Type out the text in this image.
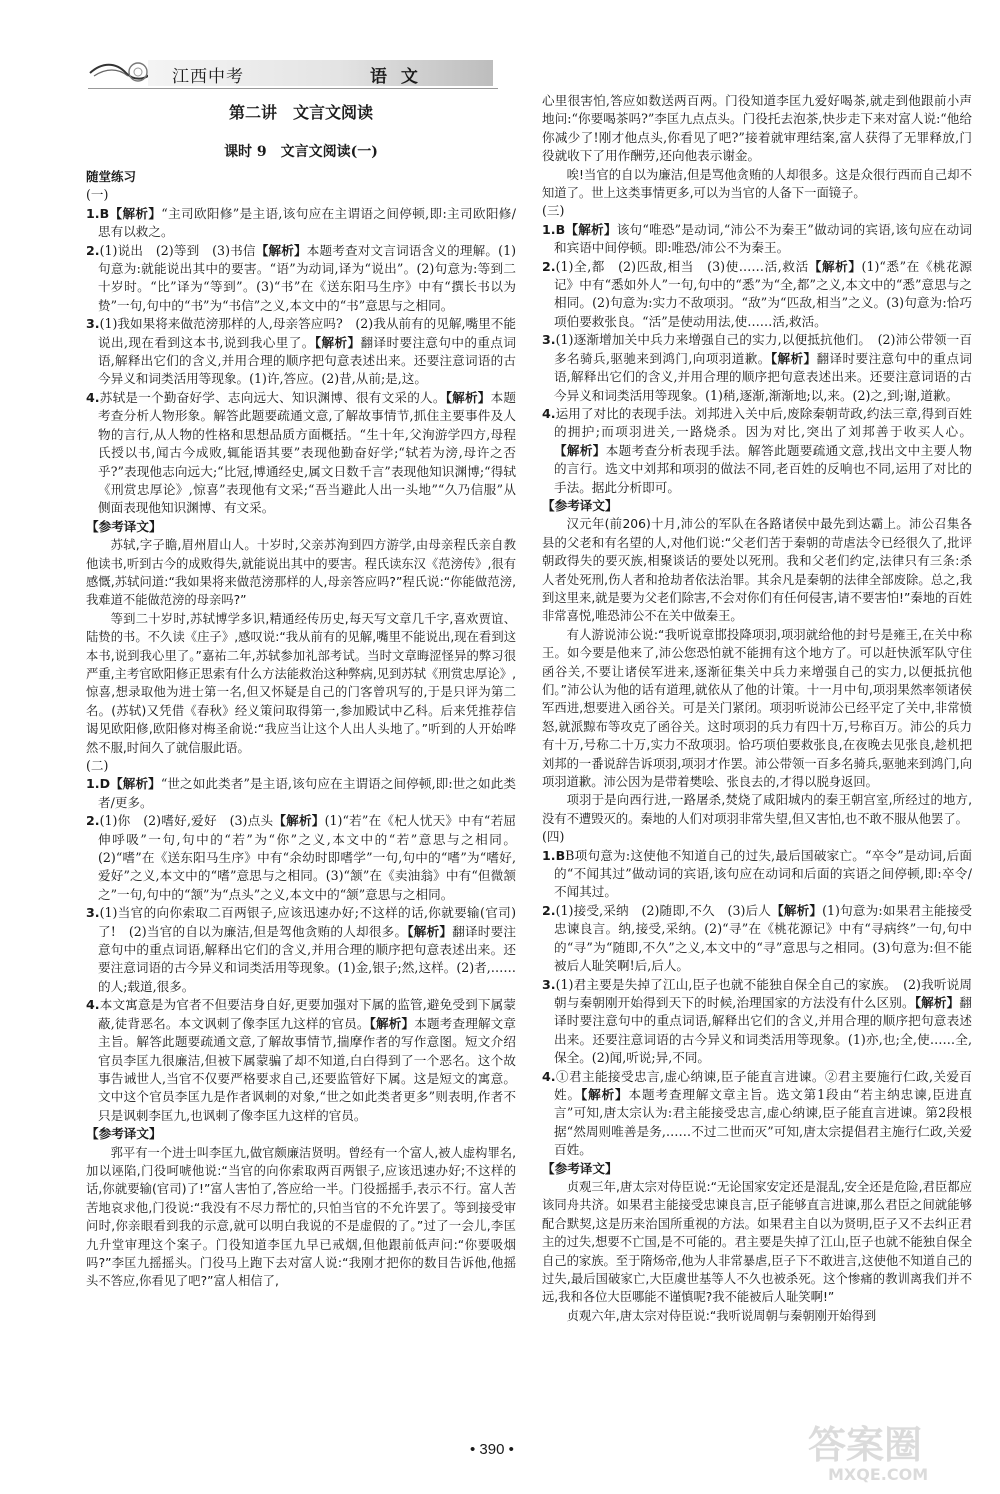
江西中考	语 文
第二讲　文言文阅读
课时 9　文言文阅读(一)

随堂练习

(一)

1.B【解析】“主司欧阳修”是主语,该句应在主谓语之间停顿,即:主司欧阳修/思有以救之。

2.(1)说出　(2)等到　(3)书信【解析】本题考查对文言词语含义的理解。(1)句意为:就能说出其中的要害。“语”为动词,译为“说出”。(2)句意为:等到二十岁时。“比”译为“等到”。(3)“书”在《送东阳马生序》中有“撰长书以为贽”一句,句中的“书”为“书信”之义,本文中的“书”意思与之相同。

3.(1)我如果将来做范滂那样的人,母亲答应吗?　(2)我从前有的见解,嘴里不能说出,现在看到这本书,说到我心里了。【解析】翻译时要注意句中的重点词语,解释出它们的含义,并用合理的顺序把句意表述出来。还要注意词语的古今异义和词类活用等现象。(1)许,答应。(2)昔,从前;是,这。

4.苏轼是一个勤奋好学、志向远大、知识渊博、很有文采的人。【解析】本题考查分析人物形象。解答此题要疏通文意,了解故事情节,抓住主要事件及人物的言行,从人物的性格和思想品质方面概括。“生十年,父洵游学四方,母程氏授以书,闻古今成败,辄能语其要”表现他勤奋好学;“轼若为滂,母许之否乎?”表现他志向远大;“比冠,博通经史,属文日数千言”表现他知识渊博;“得轼《刑赏忠厚论》,惊喜”表现他有文采;“吾当避此人出一头地”“久乃信服”从侧面表现他知识渊博、有文采。

【参考译文】

苏轼,字子瞻,眉州眉山人。十岁时,父亲苏洵到四方游学,由母亲程氏亲自教他读书,听到古今的成败得失,就能说出其中的要害。程氏读东汉《范滂传》,很有感慨,苏轼问道:“我如果将来做范滂那样的人,母亲答应吗?”程氏说:“你能做范滂,我难道不能做范滂的母亲吗?”

等到二十岁时,苏轼博学多识,精通经传历史,每天写文章几千字,喜欢贾谊、陆贽的书。不久读《庄子》,感叹说:“我从前有的见解,嘴里不能说出,现在看到这本书,说到我心里了。”嘉祐二年,苏轼参加礼部考试。当时文章晦涩怪异的弊习很严重,主考官欧阳修正思索有什么方法能救治这种弊病,见到苏轼《刑赏忠厚论》,惊喜,想录取他为进士第一名,但又怀疑是自己的门客曾巩写的,于是只评为第二名。(苏轼)又凭借《春秋》经义策问取得第一,参加殿试中乙科。后来凭推荐信谒见欧阳修,欧阳修对梅圣俞说:“我应当让这个人出人头地了。”听到的人开始哗然不服,时间久了就信服此语。

(二)

1.D【解析】“世之如此类者”是主语,该句应在主谓语之间停顿,即:世之如此类者/更多。

2.(1)你　(2)嗜好,爱好　(3)点头【解析】(1)“若”在《杞人忧天》中有“若屈伸呼吸”一句,句中的“若”为“你”之义,本文中的“若”意思与之相同。(2)“嗜”在《送东阳马生序》中有“余幼时即嗜学”一句,句中的“嗜”为“嗜好,爱好”之义,本文中的“嗜”意思与之相同。(3)“颔”在《卖油翁》中有“但微颔之”一句,句中的“颔”为“点头”之义,本文中的“颔”意思与之相同。

3.(1)当官的向你索取二百两银子,应该迅速办好;不这样的话,你就要输(官司)了!　(2)当官的自以为廉洁,但是驾他贪贿的人却很多。【解析】翻译时要注意句中的重点词语,解释出它们的含义,并用合理的顺序把句意表述出来。还要注意词语的古今异义和词类活用等现象。(1)金,银子;然,这样。(2)者,……的人;载道,很多。

4.本文寓意是为官者不但要洁身自好,更要加强对下属的监管,避免受到下属蒙蔽,徒背恶名。本文讽刺了像李匡九这样的官员。【解析】本题考查理解文章主旨。解答此题要疏通文意,了解故事情节,揣摩作者的写作意图。短文介绍官员李匡九很廉洁,但被下属蒙骗了却不知道,白白得到了一个恶名。这个故事告诫世人,当官不仅要严格要求自己,还要监管好下属。这是短文的寓意。文中这个官员李匡九是作者讽刺的对象,“世之如此类者更多”则表明,作者不只是讽刺李匡九,也讽刺了像李匡九这样的官员。

【参考译文】

郛平有一个进士叫李匡九,做官颇廉洁贤明。曾经有一个富人,被人虚构罪名,加以诬陷,门役呵唬他说:“当官的向你索取两百两银子,应该迅速办好;不这样的话,你就要输(官司)了!”富人害怕了,答应给一半。门役摇摇手,表示不行。富人苦苦地哀求他,门役说:“我没有不尽力帮忙的,只怕当官的不允许罢了。等到接受审问时,你亲眼看到我的示意,就可以明白我说的不是虚假的了。”过了一会儿,李匡九升堂审理这个案子。门役知道李匡九早已戒烟,但他跟前低声问:“你要吸烟吗?”李匡九摇摇头。门役马上跑下去对富人说:“我刚才把你的数目告诉他,他摇头不答应,你看见了吧?”富人相信了,

心里很害怕,答应如数送两百两。门役知道李匡九爱好喝茶,就走到他跟前小声地问:“你要喝茶吗?”李匡九点点头。门役托去泡茶,快步走下来对富人说:“他给你减少了!刚才他点头,你看见了吧?”接着就审理结案,富人获得了无罪释放,门役就收下了用作酬劳,还向他表示谢金。

唉!当官的自以为廉洁,但是骂他贪贿的人却很多。这是众很行西而自己却不知道了。世上这类事情更多,可以为当官的人备下一面镜子。

(三)

1.B【解析】该句“唯恐”是动词,“沛公不为秦王”做动词的宾语,该句应在动词和宾语中间停顿。即:唯恐/沛公不为秦王。

2.(1)全,都　(2)匹敌,相当　(3)使……活,救活【解析】(1)“悉”在《桃花源记》中有“悉如外人”一句,句中的“悉”为“全,都”之义,本文中的“悉”意思与之相同。(2)句意为:实力不敌项羽。“敌”为“匹敌,相当”之义。(3)句意为:恰巧项伯要救张良。“活”是使动用法,使……活,救活。

3.(1)逐渐增加关中兵力来增强自己的实力,以便抵抗他们。　(2)沛公带领一百多名骑兵,驱驰来到鸿门,向项羽道歉。【解析】翻译时要注意句中的重点词语,解释出它们的含义,并用合理的顺序把句意表述出来。还要注意词语的古今异义和词类活用等现象。(1)稍,逐渐,渐渐地;以,来。(2)之,到;谢,道歉。

4.运用了对比的表现手法。刘邦进入关中后,废除秦朝苛政,约法三章,得到百姓的拥护;而项羽进关,一路烧杀。因为对比,突出了刘邦善于收买人心。【解析】本题考查分析表现手法。解答此题要疏通文意,找出文中主要人物的言行。选文中刘邦和项羽的做法不同,老百姓的反响也不同,运用了对比的手法。据此分析即可。

【参考译文】

汉元年(前206)十月,沛公的军队在各路诸侯中最先到达霸上。沛公召集各县的父老和有名望的人,对他们说:“父老们苦于秦朝的苛虐法令已经很久了,批评朝政得失的要灭族,相聚谈话的要处以死刑。我和父老们约定,法律只有三条:杀人者处死刑,伤人者和抢劫者依法治罪。其余凡是秦朝的法律全部废除。总之,我到这里来,就是要为父老们除害,不会对你们有任何侵害,请不要害怕!”秦地的百姓非常喜悦,唯恐沛公不在关中做秦王。

有人游说沛公说:“我听说章邯投降项羽,项羽就给他的封号是雍王,在关中称王。如今要是他来了,沛公您恐怕就不能拥有这个地方了。可以赶快派军队守住函谷关,不要让诸侯军进来,逐渐征集关中兵力来增强自己的实力,以便抵抗他们。”沛公认为他的话有道理,就依从了他的计策。十一月中旬,项羽果然率领诸侯军西进,想要进入函谷关。可是关门紧闭。项羽听说沛公已经平定了关中,非常愤怒,就派黥布等攻克了函谷关。这时项羽的兵力有四十万,号称百万。沛公的兵力有十万,号称二十万,实力不敌项羽。恰巧项伯要救张良,在夜晚去见张良,趁机把刘邦的一番说辞告诉项羽,项羽才作罢。沛公带领一百多名骑兵,驱驰来到鸿门,向项羽道歉。沛公因为是带着樊哙、张良去的,才得以脱身返回。

项羽于是向西行进,一路屠杀,焚烧了咸阳城内的秦王朝宫室,所经过的地方,没有不遭毁灭的。秦地的人们对项羽非常失望,但又害怕,也不敢不服从他罢了。

(四)

1.BB项句意为:这使他不知道自己的过失,最后国破家亡。“卒令”是动词,后面的“不闻其过”做动词的宾语,该句应在动词和后面的宾语之间停顿,即:卒令/不闻其过。

2.(1)接受,采纳　(2)随即,不久　(3)后人【解析】(1)句意为:如果君主能接受忠谏良言。纳,接受,采纳。(2)“寻”在《桃花源记》中有“寻病终”一句,句中的“寻”为“随即,不久”之义,本文中的“寻”意思与之相同。(3)句意为:但不能被后人耻笑啊!后,后人。

3.(1)君主要是失掉了江山,臣子也就不能独自保全自己的家族。　(2)我听说周朝与秦朝刚开始得到天下的时候,治理国家的方法没有什么区别。【解析】翻译时要注意句中的重点词语,解释出它们的含义,并用合理的顺序把句意表述出来。还要注意词语的古今异义和词类活用等现象。(1)亦,也;全,使……全,保全。(2)闻,听说;异,不同。

4.①君主能接受忠言,虚心纳谏,臣子能直言进谏。②君主要施行仁政,关爱百姓。【解析】本题考查理解文章主旨。选文第1段由“若主纳忠谏,臣进直言”可知,唐太宗认为:君主能接受忠言,虚心纳谏,臣子能直言进谏。第2段根据“然周则唯善是务,……不过二世而灭”可知,唐太宗提倡君主施行仁政,关爱百姓。

【参考译文】

贞观三年,唐太宗对侍臣说:“无论国家安定还是混乱,安全还是危险,君臣都应该同舟共济。如果君主能接受忠谏良言,臣子能够直言进谏,那么君臣之间就能够配合默契,这是历来治国所重视的方法。如果君主自以为贤明,臣子又不去纠正君主的过失,想要不亡国,是不可能的。君主要是失掉了江山,臣子也就不能独自保全自己的家族。至于隋炀帝,他为人非常暴虐,臣子下不敢进言,这使他不知道自己的过失,最后国破家亡,大臣虞世基等人不久也被杀死。这个惨痛的教训离我们并不远,我和各位大臣哪能不谨慎呢?我不能被后人耻笑啊!”

贞观六年,唐太宗对侍臣说:“我听说周朝与秦朝刚开始得到

• 390 •	答案圈
MXQE.COM
